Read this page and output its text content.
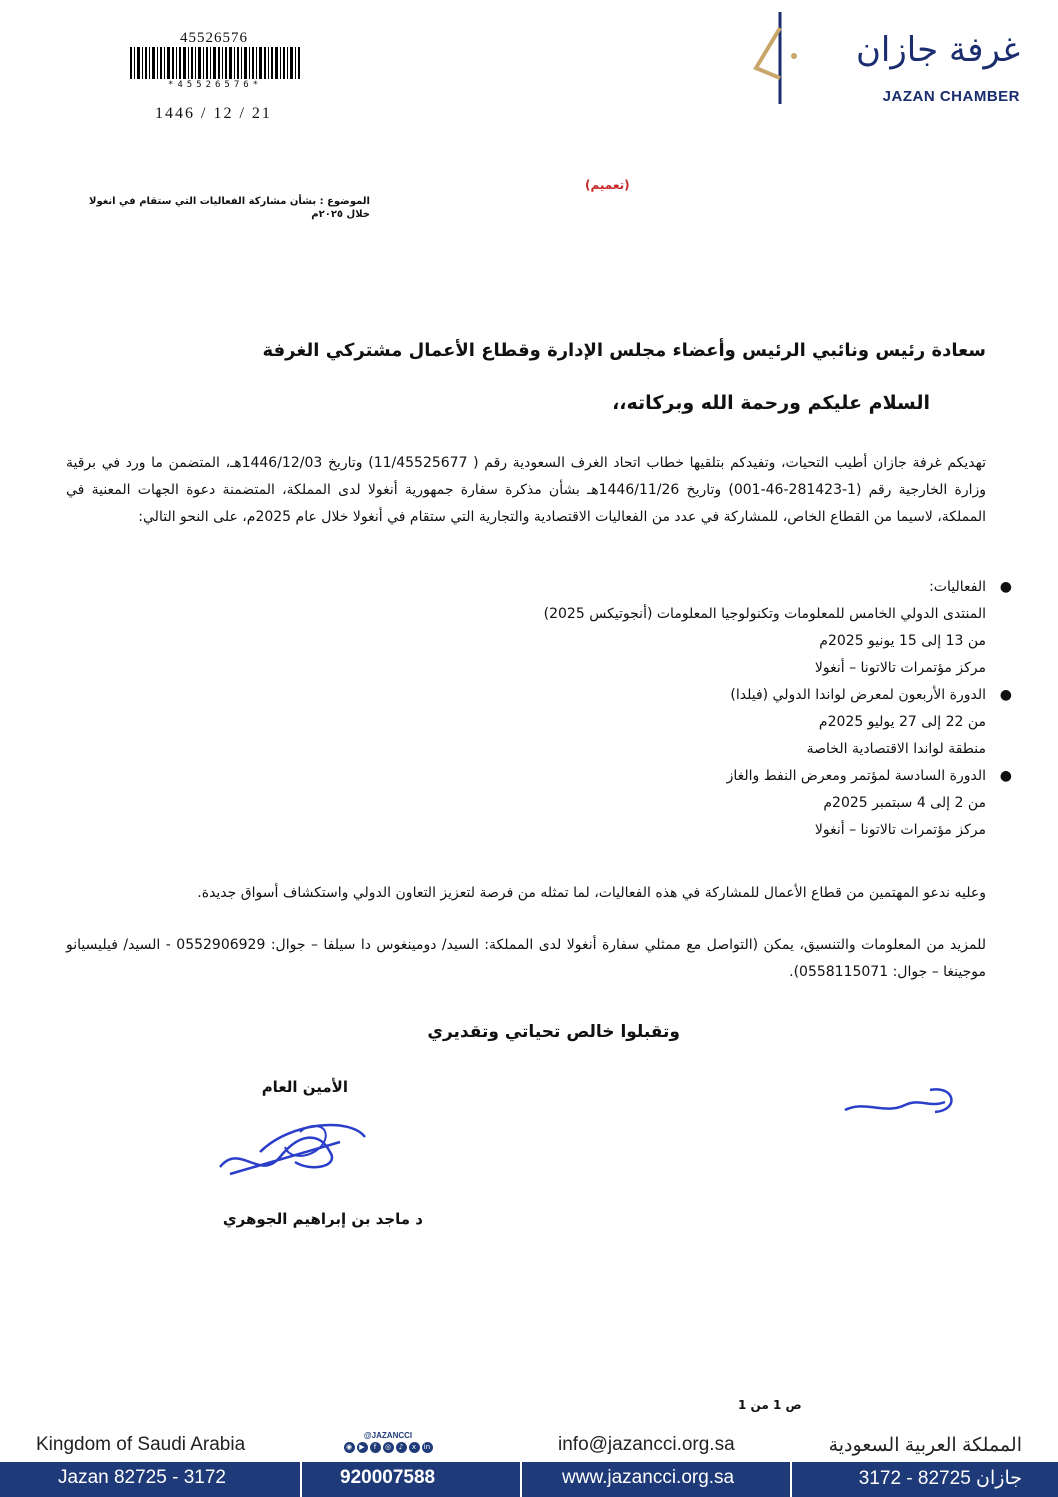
45526576
*45526576*
1446 / 12 / 21
غرفة جازان
JAZAN CHAMBER
(تعميم)
الموضوع : بشأن مشاركة الفعاليات التي ستقام في انغولا
خلال ٢٠٢٥م
سعادة رئيس ونائبي الرئيس وأعضاء مجلس الإدارة وقطاع الأعمال مشتركي الغرفة
السلام عليكم ورحمة الله وبركاته،،
تهديكم غرفة جازان أطيب التحيات، وتفيدكم بتلقيها خطاب اتحاد الغرف السعودية رقم ( 11/45525677) وتاريخ 1446/12/03هـ، المتضمن ما ورد في برقية وزارة الخارجية رقم (1-281423-46-001) وتاريخ 1446/11/26هـ بشأن مذكرة سفارة جمهورية أنغولا لدى المملكة، المتضمنة دعوة الجهات المعنية في المملكة، لاسيما من القطاع الخاص، للمشاركة في عدد من الفعاليات الاقتصادية والتجارية التي ستقام في أنغولا خلال عام 2025م، على النحو التالي:
●
الفعاليات:
المنتدى الدولي الخامس للمعلومات وتكنولوجيا المعلومات (أنجوتيكس 2025)
من 13 إلى 15 يونيو 2025م
مركز مؤتمرات تالاتونا – أنغولا
●
الدورة الأربعون لمعرض لواندا الدولي (فيلدا)
من 22 إلى 27 يوليو 2025م
منطقة لواندا الاقتصادية الخاصة
●
الدورة السادسة لمؤتمر ومعرض النفط والغاز
من 2 إلى 4 سبتمبر 2025م
مركز مؤتمرات تالاتونا – أنغولا
وعليه ندعو المهتمين من قطاع الأعمال للمشاركة في هذه الفعاليات، لما تمثله من فرصة لتعزيز التعاون الدولي واستكشاف أسواق جديدة.
للمزيد من المعلومات والتنسيق، يمكن (التواصل مع ممثلي سفارة أنغولا لدى المملكة: السيد/ دومينغوس دا سيلفا – جوال: 0552906929 - السيد/ فيليسيانو موجينغا – جوال: 0558115071).
وتقبلوا خالص تحياتي وتقديري
الأمين العام
د ماجد بن إبراهيم الجوهري
ص 1 من 1
Kingdom of Saudi Arabia	@JAZANCCI
◉	▶	f	◎	♪	x	in	info@jazancci.org.sa	المملكة العربية السعودية
Jazan 82725 - 3172	920007588	www.jazancci.org.sa	جازان 82725 - 3172
